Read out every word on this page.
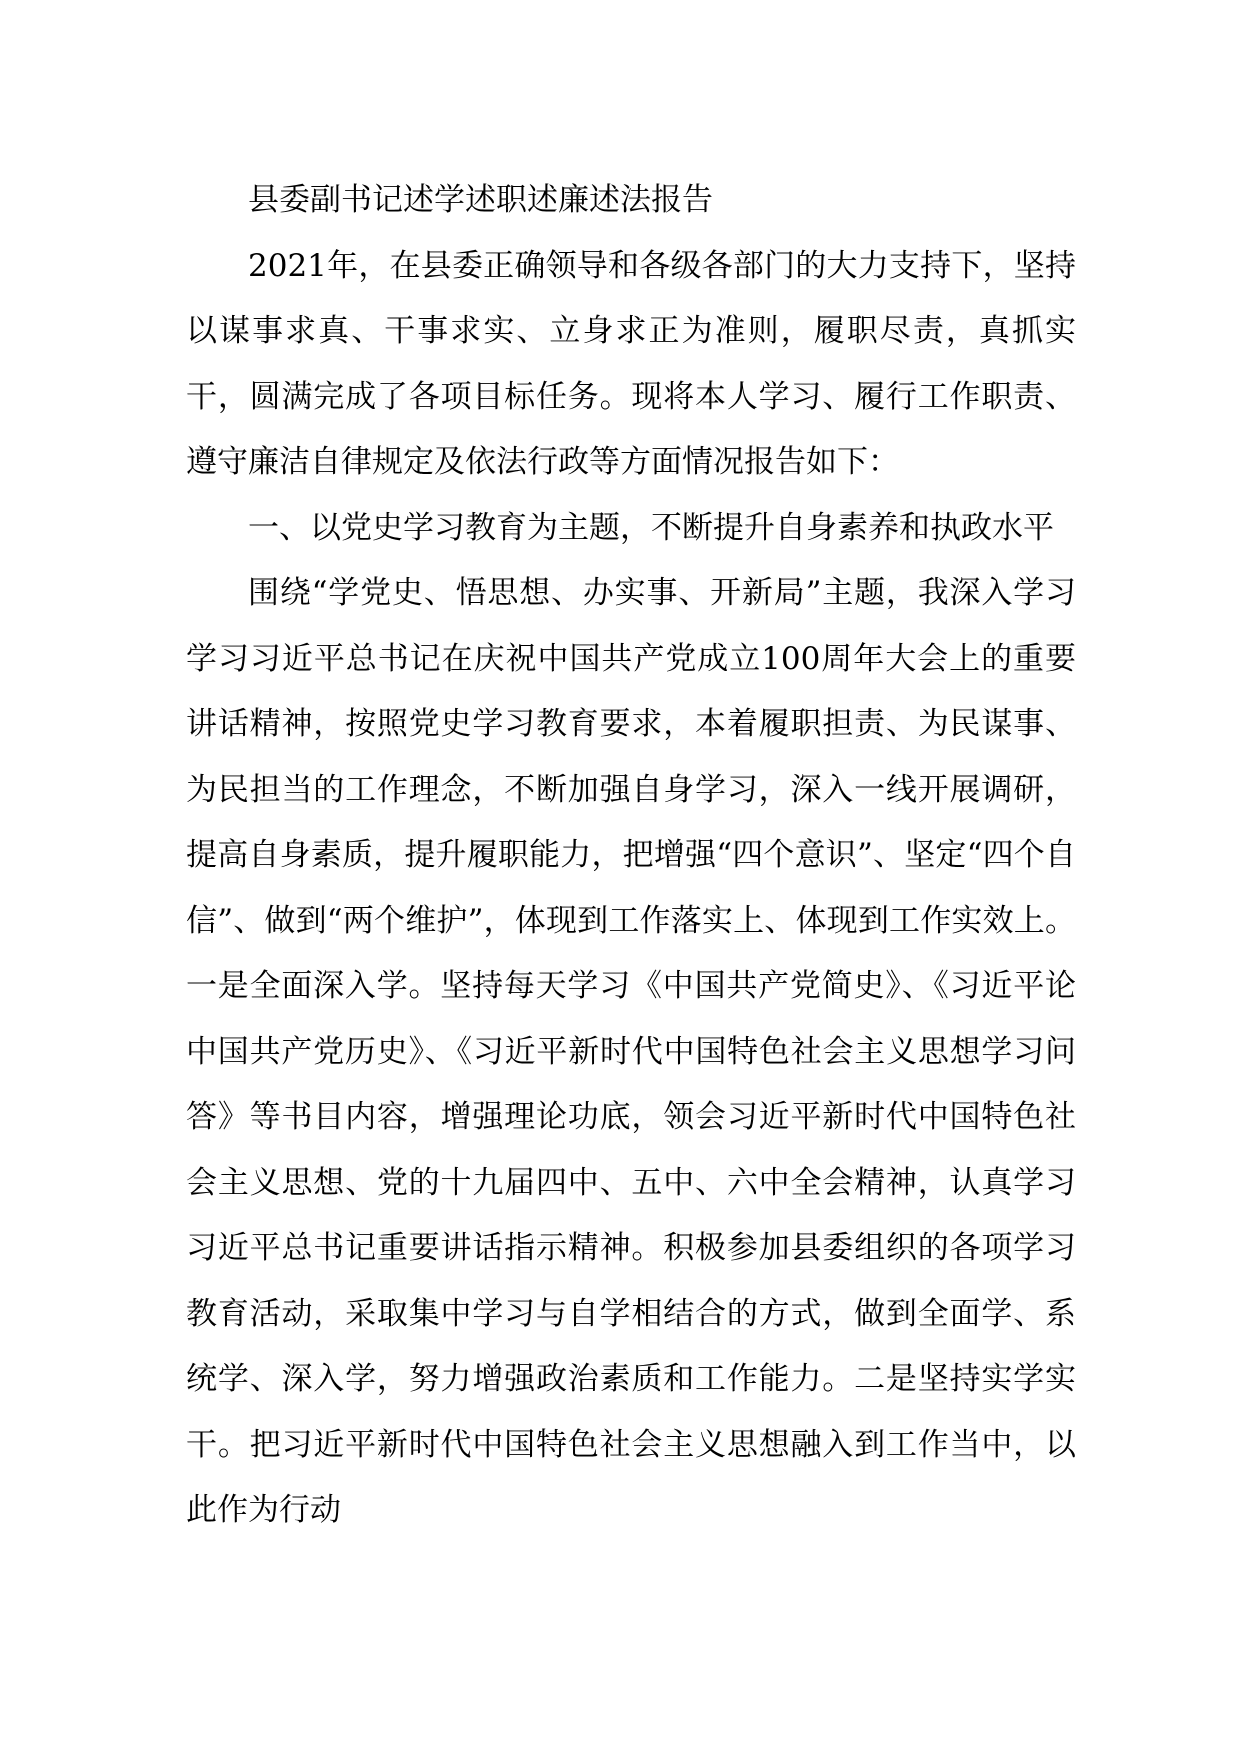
县委副书记述学述职述廉述法报告

2021年，在县委正确领导和各级各部门的大力支持下，坚持以谋事求真、干事求实、立身求正为准则，履职尽责，真抓实干，圆满完成了各项目标任务。现将本人学习、履行工作职责、遵守廉洁自律规定及依法行政等方面情况报告如下：

一、以党史学习教育为主题，不断提升自身素养和执政水平

围绕“学党史、悟思想、办实事、开新局”主题，我深入学习学习习近平总书记在庆祝中国共产党成立100周年大会上的重要讲话精神，按照党史学习教育要求，本着履职担责、为民谋事、为民担当的工作理念，不断加强自身学习，深入一线开展调研，提高自身素质，提升履职能力，把增强“四个意识”、坚定“四个自信”、做到“两个维护”，体现到工作落实上、体现到工作实效上。一是全面深入学。坚持每天学习《中国共产党简史》、《习近平论中国共产党历史》、《习近平新时代中国特色社会主义思想学习问答》等书目内容，增强理论功底，领会习近平新时代中国特色社会主义思想、党的十九届四中、五中、六中全会精神，认真学习习近平总书记重要讲话指示精神。积极参加县委组织的各项学习教育活动，采取集中学习与自学相结合的方式，做到全面学、系统学、深入学，努力增强政治素质和工作能力。二是坚持实学实干。把习近平新时代中国特色社会主义思想融入到工作当中，以此作为行动
